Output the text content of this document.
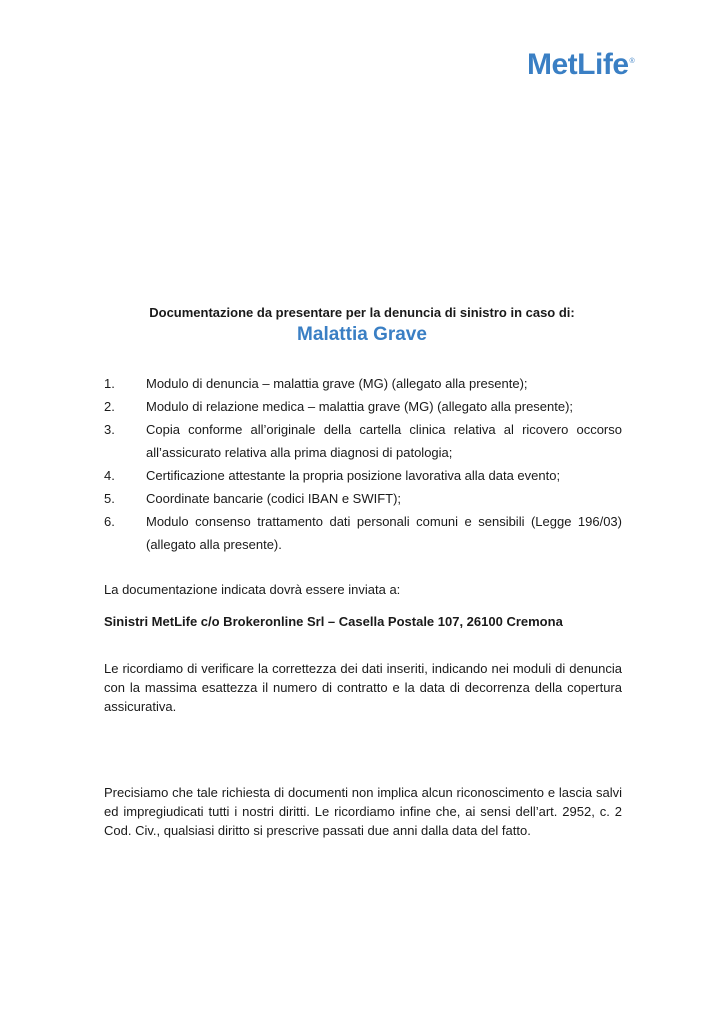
MetLife®
Documentazione da presentare per la denuncia di sinistro in caso di:
Malattia Grave
1.	Modulo di denuncia – malattia grave (MG) (allegato alla presente);
2.	Modulo di relazione medica – malattia grave (MG) (allegato alla presente);
3.	Copia conforme all’originale della cartella clinica relativa al ricovero occorso all’assicurato relativa alla prima diagnosi di patologia;
4.	Certificazione attestante la propria posizione lavorativa alla data evento;
5.	Coordinate bancarie (codici IBAN e SWIFT);
6.	Modulo consenso trattamento dati personali comuni e sensibili (Legge 196/03) (allegato alla presente).
La documentazione indicata dovrà essere inviata a:
Sinistri MetLife c/o Brokeronline Srl – Casella Postale 107, 26100 Cremona
Le ricordiamo di verificare la correttezza dei dati inseriti, indicando nei moduli di denuncia con la massima esattezza il numero di contratto e la data di decorrenza della copertura assicurativa.
Precisiamo che tale richiesta di documenti non implica alcun riconoscimento e lascia salvi ed impregiudicati tutti i nostri diritti. Le ricordiamo infine che, ai sensi dell’art. 2952, c. 2 Cod. Civ., qualsiasi diritto si prescrive passati due anni dalla data del fatto.
